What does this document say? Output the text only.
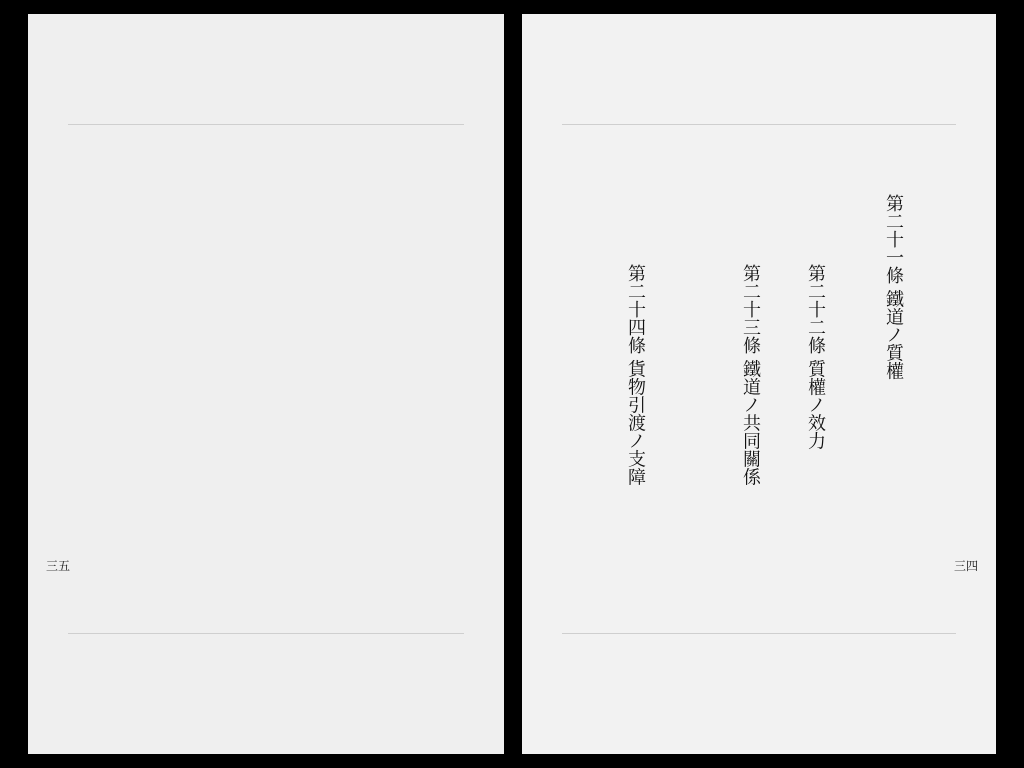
三五	三四
第二十一條 鐵道ノ質權
第二十二條 質權ノ效力
第二十三條 鐵道ノ共同關係
第二十四條 貨物引渡ノ支障
